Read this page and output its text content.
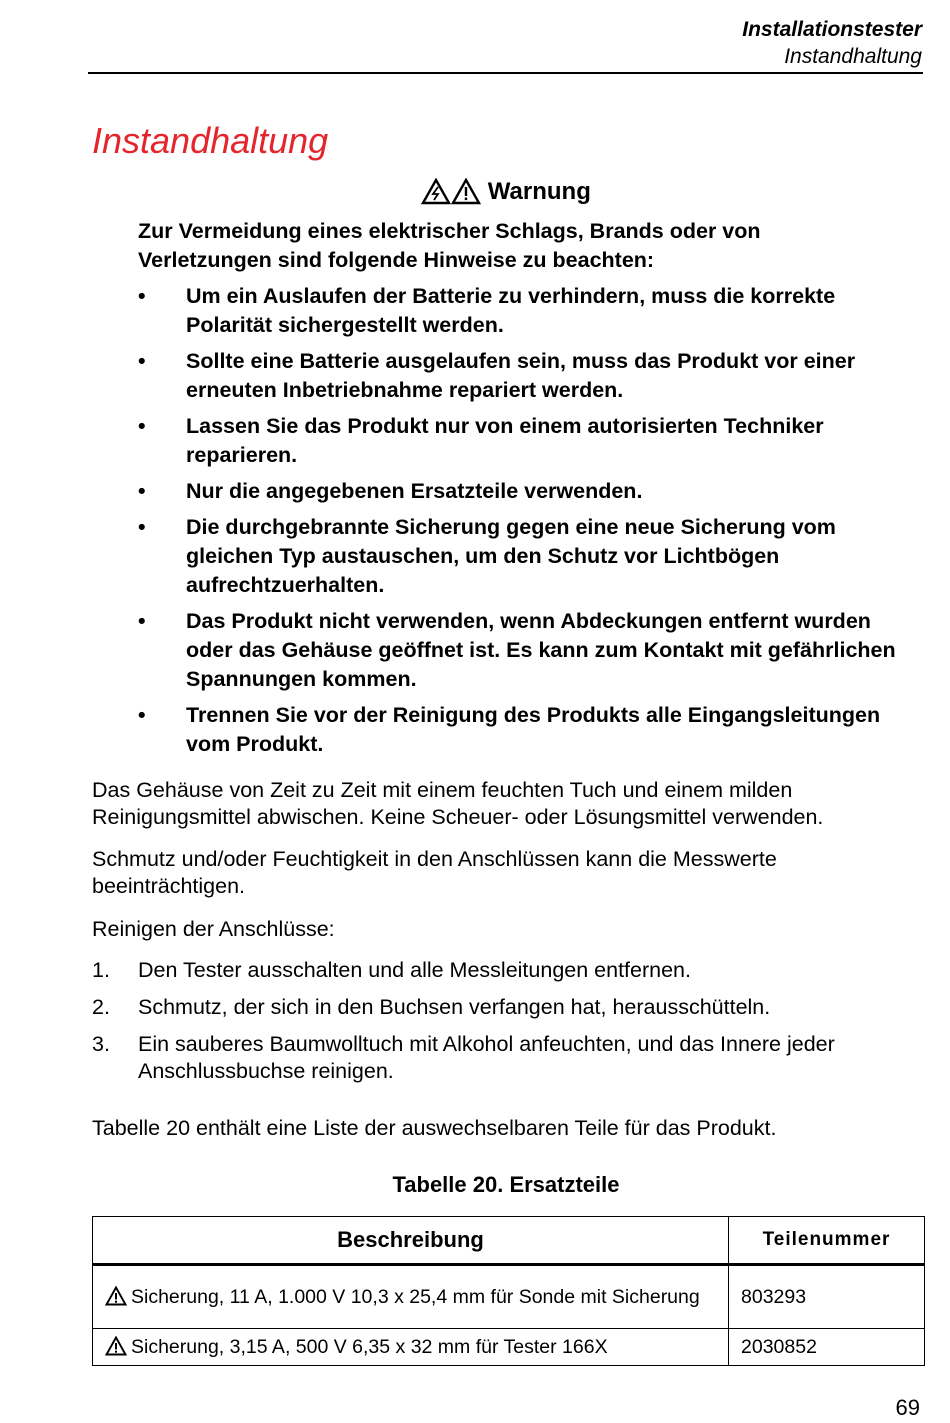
Installationstester
Instandhaltung
Instandhaltung
Warnung

Zur Vermeidung eines elektrischer Schlags, Brands oder von Verletzungen sind folgende Hinweise zu beachten:

• Um ein Auslaufen der Batterie zu verhindern, muss die korrekte Polarität sichergestellt werden.
• Sollte eine Batterie ausgelaufen sein, muss das Produkt vor einer erneuten Inbetriebnahme repariert werden.
• Lassen Sie das Produkt nur von einem autorisierten Techniker reparieren.
• Nur die angegebenen Ersatzteile verwenden.
• Die durchgebrannte Sicherung gegen eine neue Sicherung vom gleichen Typ austauschen, um den Schutz vor Lichtbögen aufrechtzuerhalten.
• Das Produkt nicht verwenden, wenn Abdeckungen entfernt wurden oder das Gehäuse geöffnet ist. Es kann zum Kontakt mit gefährlichen Spannungen kommen.
• Trennen Sie vor der Reinigung des Produkts alle Eingangsleitungen vom Produkt.

Das Gehäuse von Zeit zu Zeit mit einem feuchten Tuch und einem milden Reinigungsmittel abwischen. Keine Scheuer- oder Lösungsmittel verwenden.

Schmutz und/oder Feuchtigkeit in den Anschlüssen kann die Messwerte beeinträchtigen.

Reinigen der Anschlüsse:

1. Den Tester ausschalten und alle Messleitungen entfernen.
2. Schmutz, der sich in den Buchsen verfangen hat, herausschütteln.
3. Ein sauberes Baumwolltuch mit Alkohol anfeuchten, und das Innere jeder Anschlussbuchse reinigen.

Tabelle 20 enthält eine Liste der auswechselbaren Teile für das Produkt.

Tabelle 20. Ersatzteile
Beschreibung	Teilenummer
Sicherung, 11 A, 1.000 V 10,3 x 25,4 mm für Sonde mit Sicherung	803293
Sicherung, 3,15 A, 500 V 6,35 x 32 mm für Tester 166X	2030852
69
